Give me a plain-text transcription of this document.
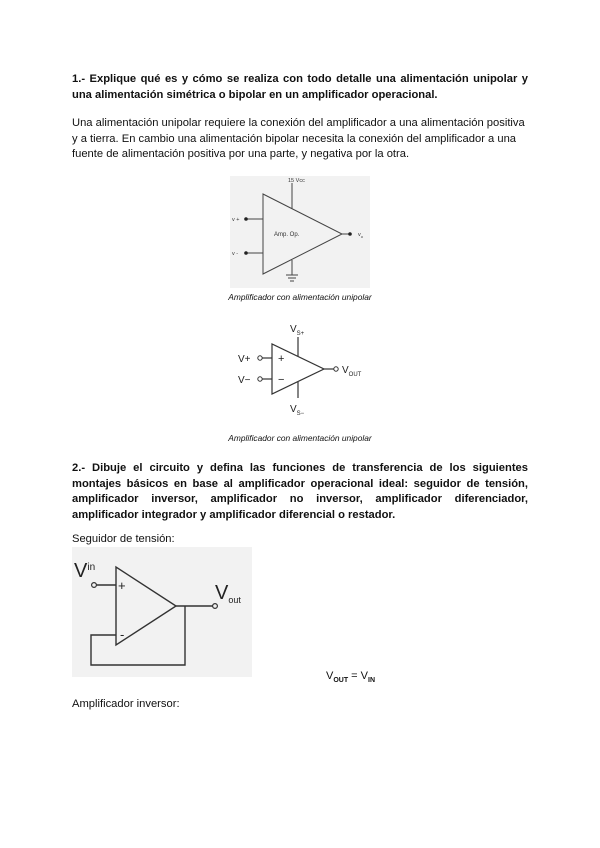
1.- Explique qué es y cómo se realiza con todo detalle una alimentación unipolar y una alimentación simétrica o bipolar en un amplificador operacional.

Una alimentación unipolar requiere la conexión del amplificador a una alimentación positiva y a tierra. En cambio una alimentación bipolar necesita la conexión del amplificador a una fuente de alimentación positiva por una parte, y negativa por la otra.

15 Vcc
Amp. Op.
v +
v -
$v_o$

Amplificador con alimentación unipolar

$V_{S+}$
$V_{S-}$
V+ +
V− −
$V_{OUT}$

Amplificador con alimentación unipolar

2.- Dibuje el circuito y defina las funciones de transferencia de los siguientes montajes básicos en base al amplificador operacional ideal: seguidor de tensión, amplificador inversor, amplificador no inversor, amplificador diferenciador, amplificador integrador y amplificador diferencial o restador.

Seguidor de tensión:

$V^{in}$
+
-
$V_{out}$

$V_{OUT} = V_{IN}$

Amplificador inversor:
